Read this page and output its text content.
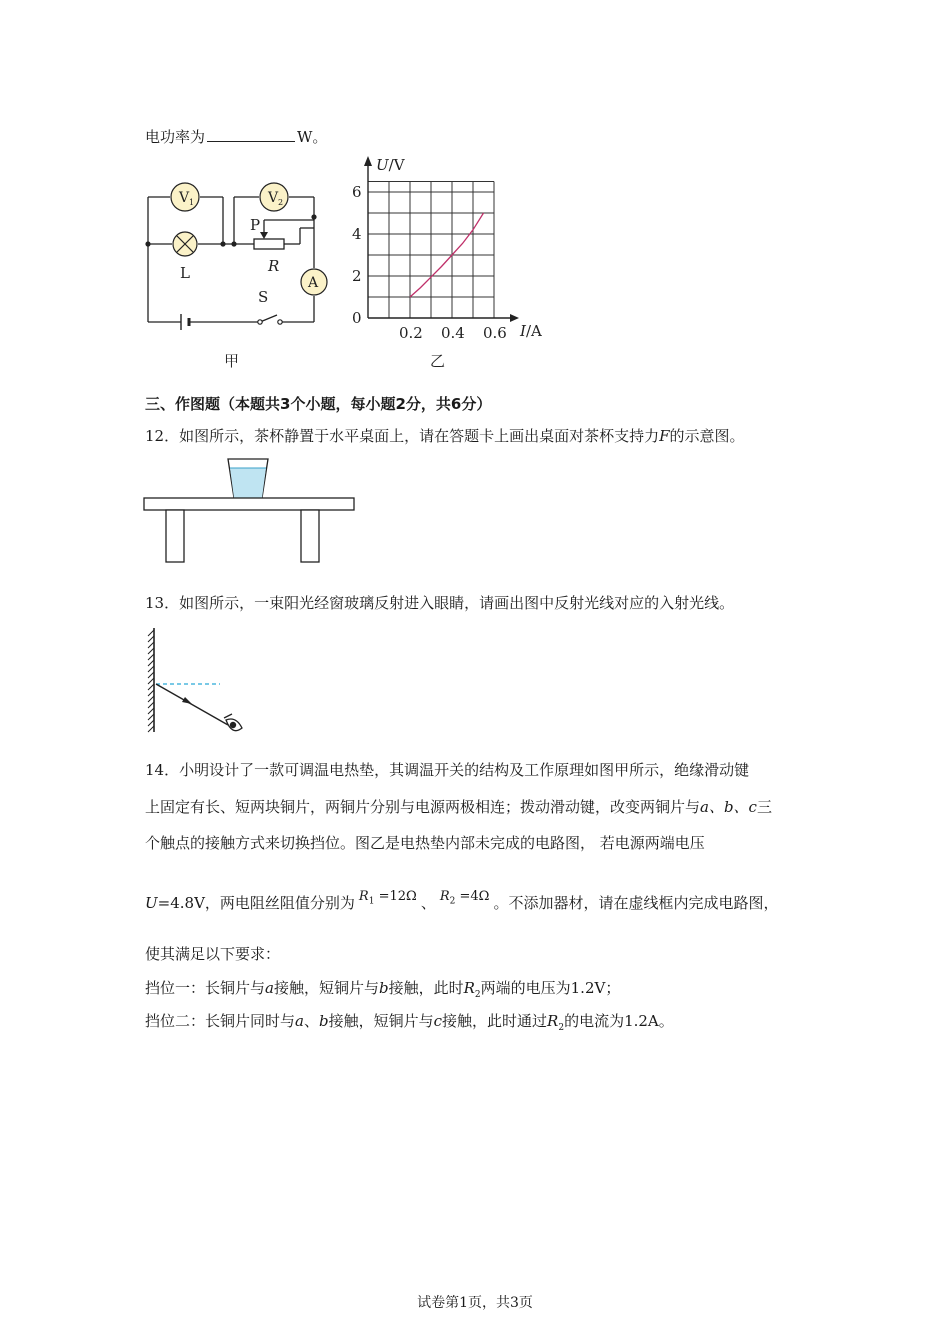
电功率为	W。
V 1	V 2
A
L
P
R
S
甲
0.2 0.4 0.6
0
2
4
6
U/V
I/A
乙
三、作图题（本题共3个小题，每小题2分，共6分）
12．如图所示，茶杯静置于水平桌面上，请在答题卡上画出桌面对茶杯支持力F的示意图。
13．如图所示，一束阳光经窗玻璃反射进入眼睛，请画出图中反射光线对应的入射光线。
14．小明设计了一款可调温电热垫，其调温开关的结构及工作原理如图甲所示，绝缘滑动键
上固定有长、短两块铜片，两铜片分别与电源两极相连；拨动滑动键，改变两铜片与a、b、c三
个触点的接触方式来切换挡位。图乙是电热垫内部未完成的电路图， 若电源两端电压
U=4.8V，两电阻丝阻值分别为 $R_1 =12\Omega$ 、 $R_2 =4\Omega$ 。不添加器材，请在虚线框内完成电路图，
使其满足以下要求：
挡位一：长铜片与a接触，短铜片与b接触，此时$R_2$两端的电压为1.2V；
挡位二：长铜片同时与a、b接触，短铜片与c接触，此时通过$R_2$的电流为1.2A。
试卷第1页，共3页
